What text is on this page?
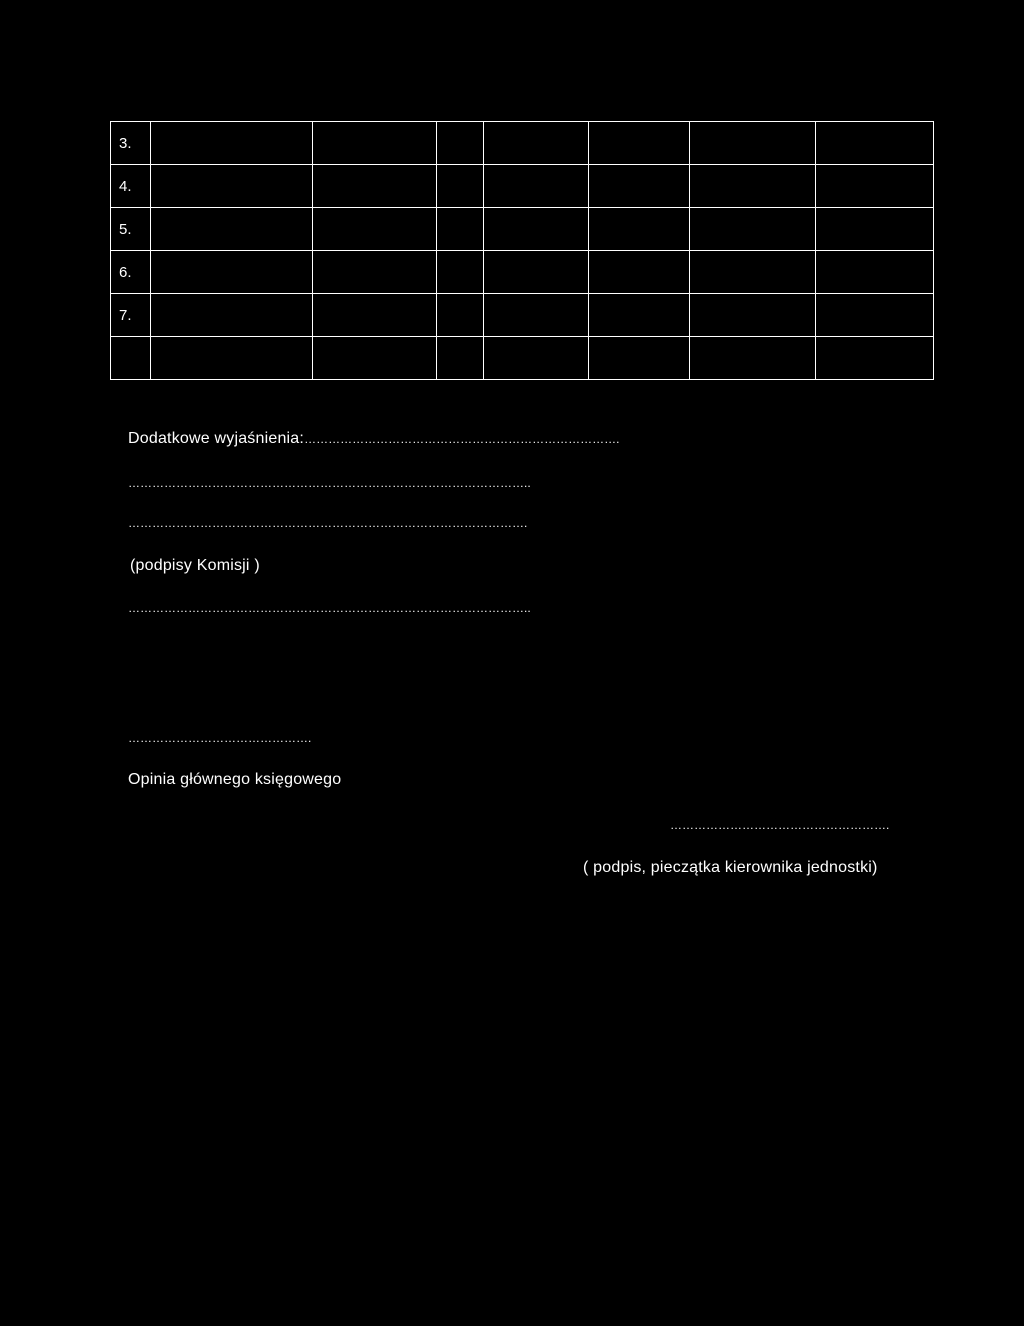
3.							
4.							
5.							
6.							
7.							

Dodatkowe wyjaśnienia:…………………………………………………………………….
………………………………………………………………………………………..
……………………………………………………………………………………….
(podpisy Komisji )
………………………………………………………………………………………..
……………………………………….
Opinia głównego księgowego
……………………………………………….
( podpis, pieczątka kierownika jednostki)
